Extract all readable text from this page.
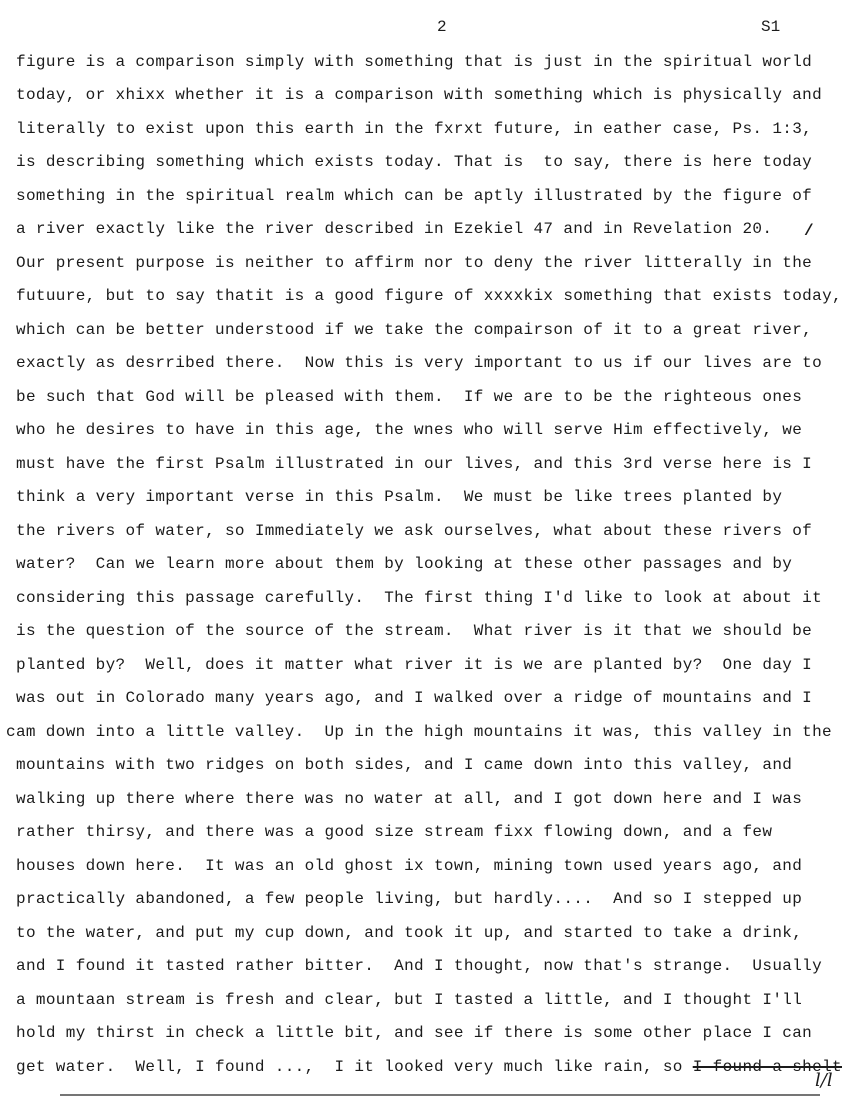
2	S1
figure is a comparison simply with something that is just in the spiritual world
today, or xhixx whether it is a comparison with something which is physically and
literally to exist upon this earth in the fxrxt future, in eather case, Ps. 1:3,
is describing something which exists today. That is  to say, there is here today
something in the spiritual realm which can be aptly illustrated by the figure of
a river exactly like the river described in Ezekiel 47 and in Revelation 20.
Our present purpose is neither to affirm nor to deny the river litterally in the
futuure, but to say thatit is a good figure of xxxxkix something that exists today,
which can be better understood if we take the compairson of it to a great river,
exactly as desrribed there.  Now this is very important to us if our lives are to
be such that God will be pleased with them.  If we are to be the righteous ones
who he desires to have in this age, the wnes who will serve Him effectively, we
must have the first Psalm illustrated in our lives, and this 3rd verse here is I
think a very important verse in this Psalm.  We must be like trees planted by
the rivers of water, so Immediately we ask ourselves, what about these rivers of
water?  Can we learn more about them by looking at these other passages and by
considering this passage carefully.  The first thing I'd like to look at about it
is the question of the source of the stream.  What river is it that we should be
planted by?  Well, does it matter what river it is we are planted by?  One day I
was out in Colorado many years ago, and I walked over a ridge of mountains and I
cam down into a little valley.  Up in the high mountains it was, this valley in the
mountains with two ridges on both sides, and I came down into this valley, and
walking up there where there was no water at all, and I got down here and I was
rather thirsy, and there was a good size stream fixx flowing down, and a few
houses down here.  It was an old ghost ix town, mining town used years ago, and
practically abandoned, a few people living, but hardly....  And so I stepped up
to the water, and put my cup down, and took it up, and started to take a drink,
and I found it tasted rather bitter.  And I thought, now that's strange.  Usually
a mountaan stream is fresh and clear, but I tasted a little, and I thought I'll
hold my thirst in check a little bit, and see if there is some other place I can
get water.  Well, I found ...,  I it looked very much like rain, so I found a shelt
/
l/l
